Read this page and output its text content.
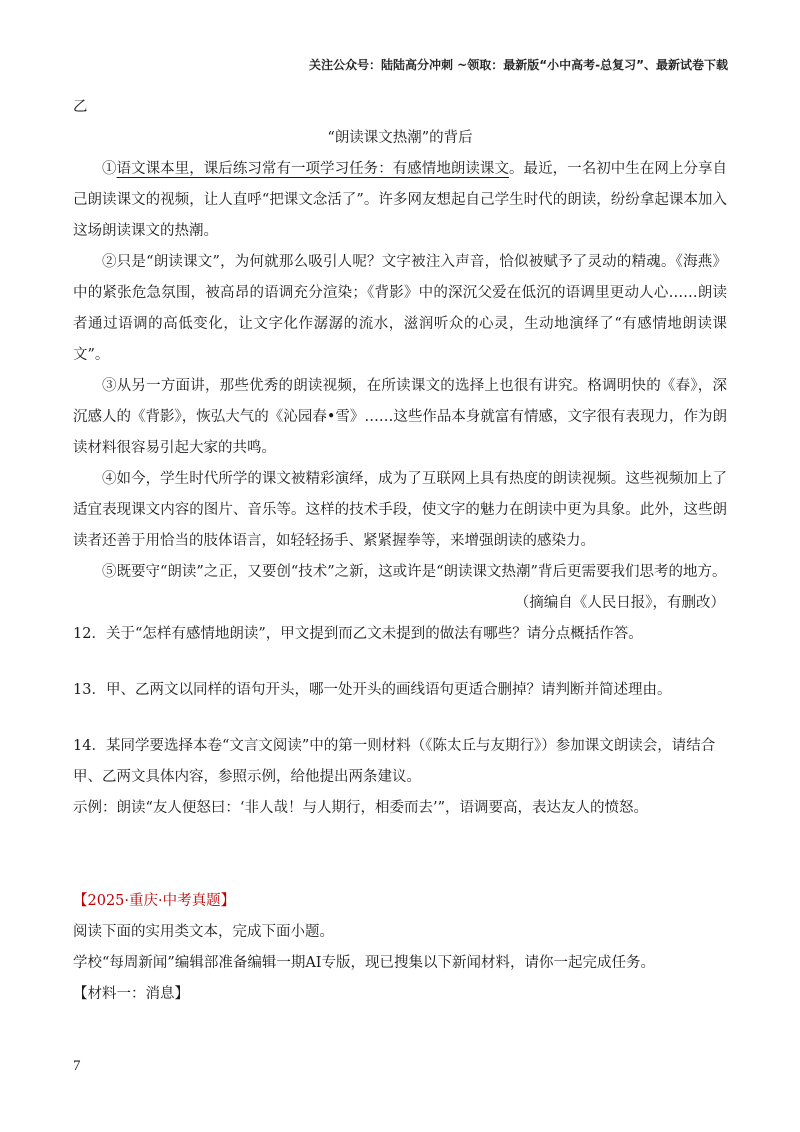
关注公众号：陆陆高分冲刺 ~领取：最新版“小中高考-总复习”、最新试卷下载
乙
“朗读课文热潮”的背后

①语文课本里，课后练习常有一项学习任务：有感情地朗读课文。最近，一名初中生在网上分享自己朗读课文的视频，让人直呼“把课文念活了”。许多网友想起自己学生时代的朗读，纷纷拿起课本加入这场朗读课文的热潮。

②只是“朗读课文”，为何就那么吸引人呢？文字被注入声音，恰似被赋予了灵动的精魂。《海燕》中的紧张危急氛围，被高昂的语调充分渲染；《背影》中的深沉父爱在低沉的语调里更动人心……朗读者通过语调的高低变化，让文字化作潺潺的流水，滋润听众的心灵，生动地演绎了“有感情地朗读课文”。

③从另一方面讲，那些优秀的朗读视频，在所读课文的选择上也很有讲究。格调明快的《春》，深沉感人的《背影》，恢弘大气的《沁园春•雪》……这些作品本身就富有情感，文字很有表现力，作为朗读材料很容易引起大家的共鸣。

④如今，学生时代所学的课文被精彩演绎，成为了互联网上具有热度的朗读视频。这些视频加上了适宜表现课文内容的图片、音乐等。这样的技术手段，使文字的魅力在朗读中更为具象。此外，这些朗读者还善于用恰当的肢体语言，如轻轻扬手、紧紧握拳等，来增强朗读的感染力。

⑤既要守“朗读”之正，又要创“技术”之新，这或许是“朗读课文热潮”背后更需要我们思考的地方。

（摘编自《人民日报》，有删改）

12．关于“怎样有感情地朗读”，甲文提到而乙文未提到的做法有哪些？请分点概括作答。

13．甲、乙两文以同样的语句开头，哪一处开头的画线语句更适合删掉？请判断并简述理由。

14．某同学要选择本卷“文言文阅读”中的第一则材料（《陈太丘与友期行》）参加课文朗读会，请结合甲、乙两文具体内容，参照示例，给他提出两条建议。

示例：朗读“友人便怒曰：‘非人哉！与人期行，相委而去’”，语调要高，表达友人的愤怒。

【2025·重庆·中考真题】

阅读下面的实用类文本，完成下面小题。

学校“每周新闻”编辑部准备编辑一期AI专版，现已搜集以下新闻材料，请你一起完成任务。

【材料一：消息】

7
